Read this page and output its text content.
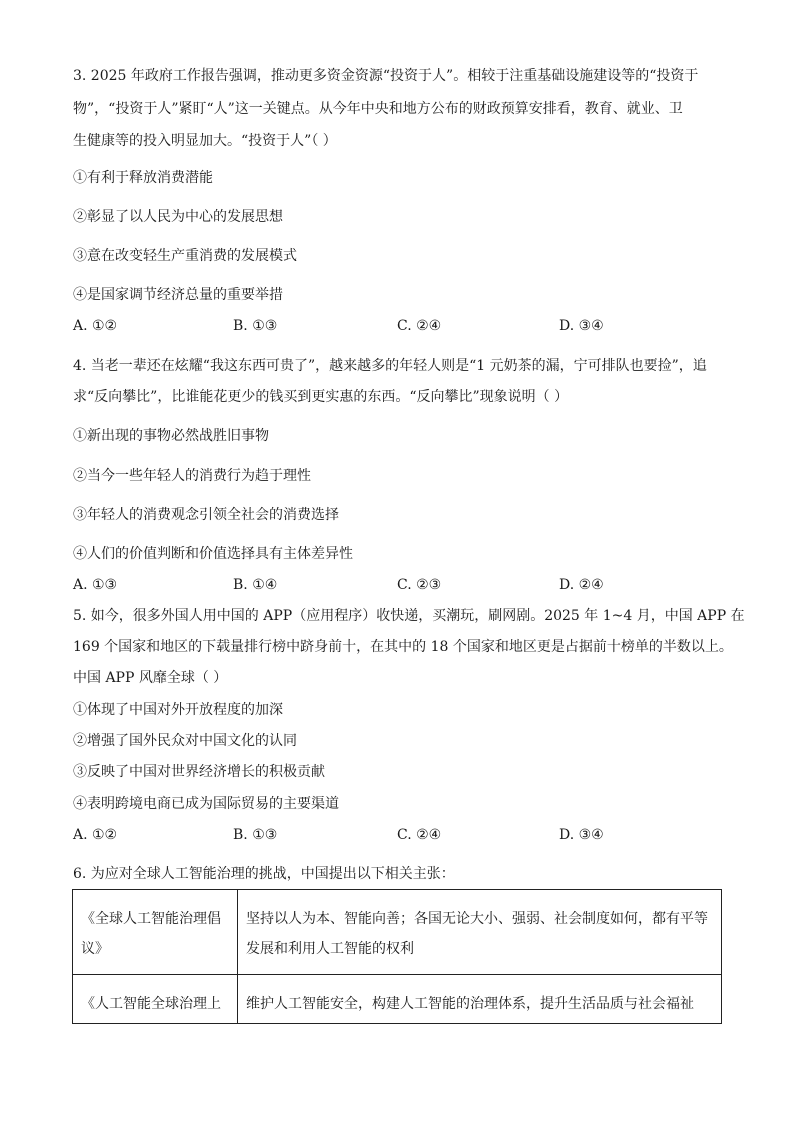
3. 2025 年政府工作报告强调，推动更多资金资源“投资于人”。相较于注重基础设施建设等的“投资于
物”，“投资于人”紧盯“人”这一关键点。从今年中央和地方公布的财政预算安排看，教育、就业、卫
生健康等的投入明显加大。“投资于人”（ ）
①有利于释放消费潜能
②彰显了以人民为中心的发展思想
③意在改变轻生产重消费的发展模式
④是国家调节经济总量的重要举措
A. ①②	B. ①③	C. ②④	D. ③④
4. 当老一辈还在炫耀“我这东西可贵了”，越来越多的年轻人则是“1 元奶茶的漏，宁可排队也要捡”，追
求“反向攀比”，比谁能花更少的钱买到更实惠的东西。“反向攀比”现象说明（ ）
①新出现的事物必然战胜旧事物
②当今一些年轻人的消费行为趋于理性
③年轻人的消费观念引领全社会的消费选择
④人们的价值判断和价值选择具有主体差异性
A. ①③	B. ①④	C. ②③	D. ②④
5. 如今，很多外国人用中国的 APP（应用程序）收快递，买潮玩，刷网剧。2025 年 1~4 月，中国 APP 在
169 个国家和地区的下载量排行榜中跻身前十，在其中的 18 个国家和地区更是占据前十榜单的半数以上。
中国 APP 风靡全球（ ）
①体现了中国对外开放程度的加深
②增强了国外民众对中国文化的认同
③反映了中国对世界经济增长的积极贡献
④表明跨境电商已成为国际贸易的主要渠道
A. ①②	B. ①③	C. ②④	D. ③④
6. 为应对全球人工智能治理的挑战，中国提出以下相关主张：
《全球人工智能治理倡议》	坚持以人为本、智能向善；各国无论大小、强弱、社会制度如何，都有平等发展和利用人工智能的权利
《人工智能全球治理上	维护人工智能安全，构建人工智能的治理体系，提升生活品质与社会福祉
